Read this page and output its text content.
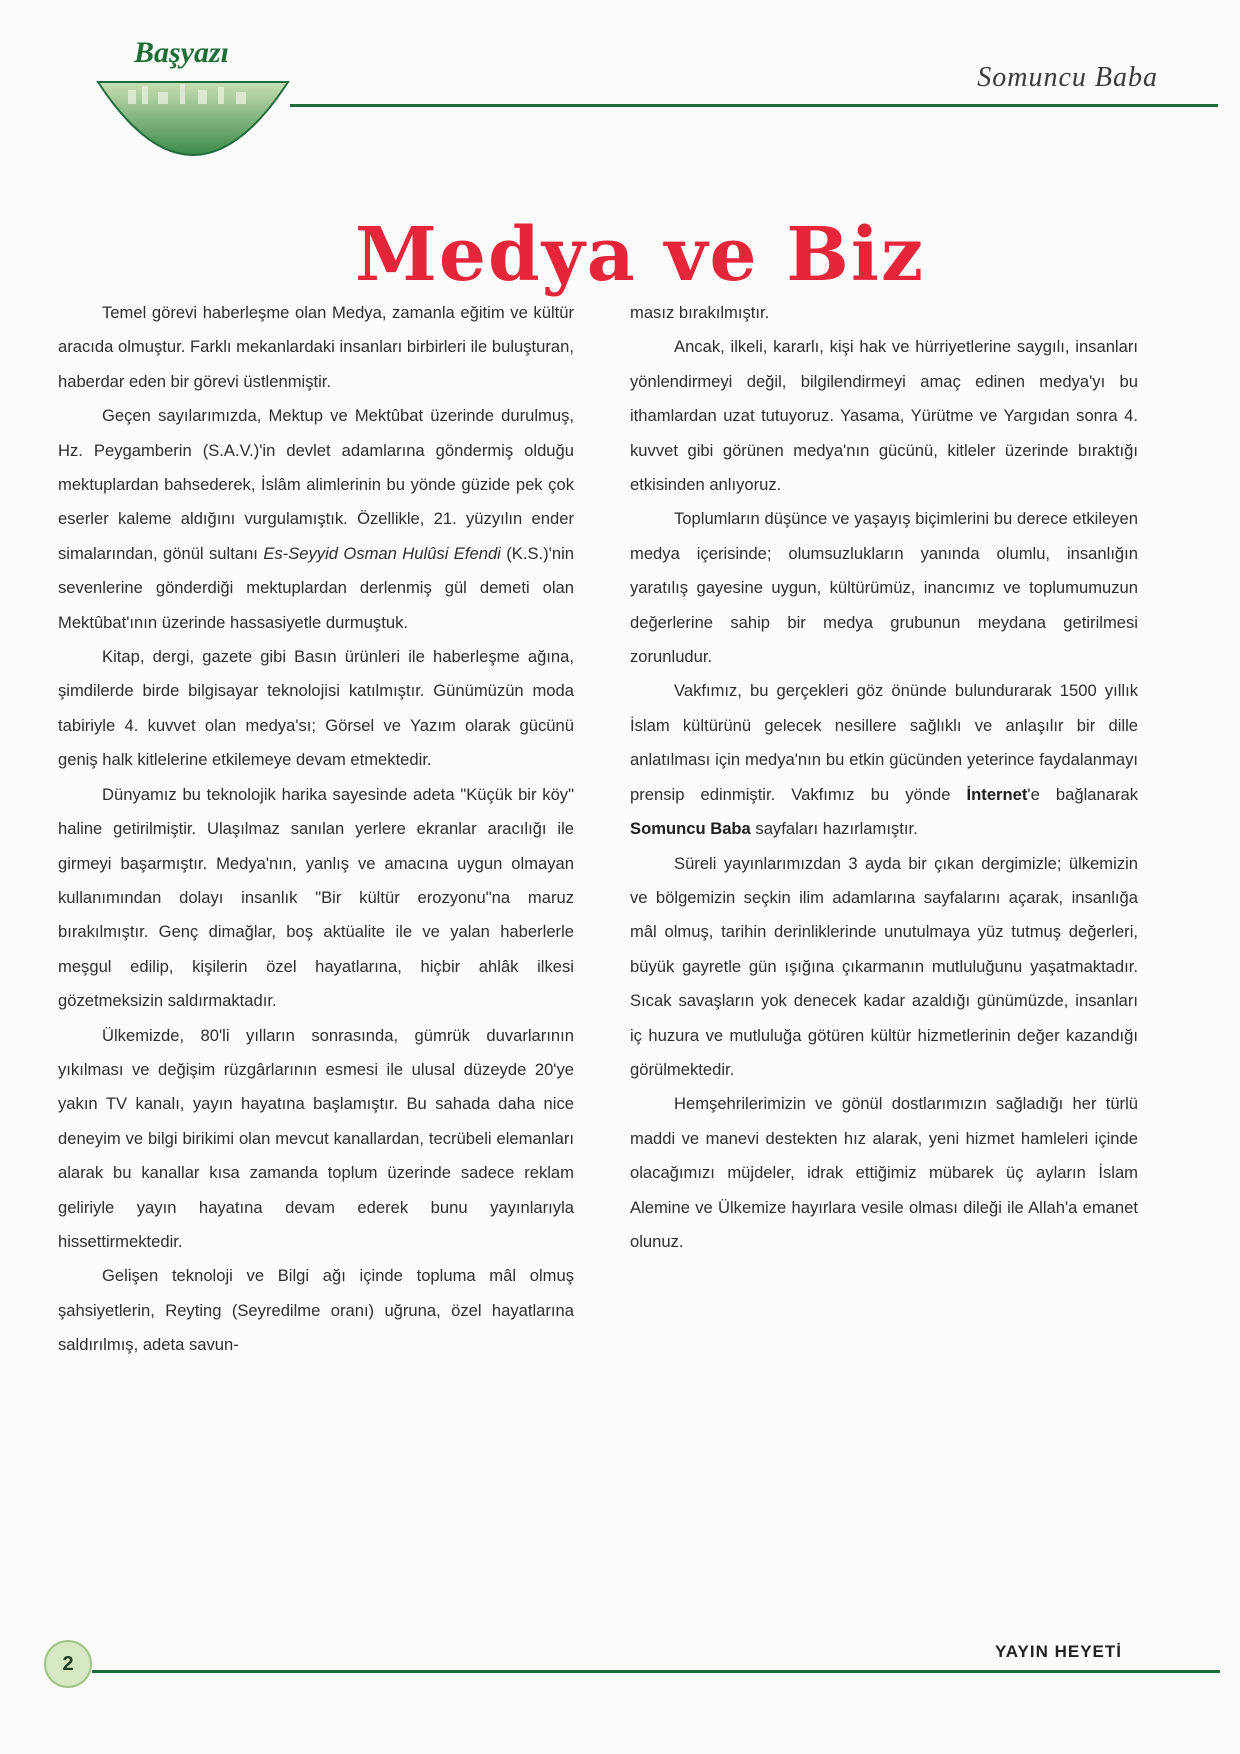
Başyazı
Somuncu Baba
Medya ve Biz

Temel görevi haberleşme olan Medya, zamanla eğitim ve kültür aracıda olmuştur. Farklı mekanlardaki insanları birbirleri ile buluşturan, haberdar eden bir görevi üstlenmiştir.

Geçen sayılarımızda, Mektup ve Mektûbat üzerinde durulmuş, Hz. Peygamberin (S.A.V.)'in devlet adamlarına göndermiş olduğu mektuplardan bahsederek, İslâm alimlerinin bu yönde güzide pek çok eserler kaleme aldığını vurgulamıştık. Özellikle, 21. yüzyılın ender simalarından, gönül sultanı Es-Seyyid Osman Hulûsi Efendi (K.S.)'nin sevenlerine gönderdiği mektuplardan derlenmiş gül demeti olan Mektûbat'ının üzerinde hassasiyetle durmuştuk.

Kitap, dergi, gazete gibi Basın ürünleri ile haberleşme ağına, şimdilerde birde bilgisayar teknolojisi katılmıştır. Günümüzün moda tabiriyle 4. kuvvet olan medya'sı; Görsel ve Yazım olarak gücünü geniş halk kitlelerine etkilemeye devam etmektedir.

Dünyamız bu teknolojik harika sayesinde adeta "Küçük bir köy" haline getirilmiştir. Ulaşılmaz sanılan yerlere ekranlar aracılığı ile girmeyi başarmıştır. Medya'nın, yanlış ve amacına uygun olmayan kullanımından dolayı insanlık "Bir kültür erozyonu"na maruz bırakılmıştır. Genç dimağlar, boş aktüalite ile ve yalan haberlerle meşgul edilip, kişilerin özel hayatlarına, hiçbir ahlâk ilkesi gözetmeksizin saldırmaktadır.

Ülkemizde, 80'li yılların sonrasında, gümrük duvarlarının yıkılması ve değişim rüzgârlarının esmesi ile ulusal düzeyde 20'ye yakın TV kanalı, yayın hayatına başlamıştır. Bu sahada daha nice deneyim ve bilgi birikimi olan mevcut kanallardan, tecrübeli elemanları alarak bu kanallar kısa zamanda toplum üzerinde sadece reklam geliriyle yayın hayatına devam ederek bunu yayınlarıyla hissettirmektedir.

Gelişen teknoloji ve Bilgi ağı içinde topluma mâl olmuş şahsiyetlerin, Reyting (Seyredilme oranı) uğruna, özel hayatlarına saldırılmış, adeta savun-

masız bırakılmıştır.

Ancak, ilkeli, kararlı, kişi hak ve hürriyetlerine saygılı, insanları yönlendirmeyi değil, bilgilendirmeyi amaç edinen medya'yı bu ithamlardan uzat tutuyoruz. Yasama, Yürütme ve Yargıdan sonra 4. kuvvet gibi görünen medya'nın gücünü, kitleler üzerinde bıraktığı etkisinden anlıyoruz.

Toplumların düşünce ve yaşayış biçimlerini bu derece etkileyen medya içerisinde; olumsuzlukların yanında olumlu, insanlığın yaratılış gayesine uygun, kültürümüz, inancımız ve toplumumuzun değerlerine sahip bir medya grubunun meydana getirilmesi zorunludur.

Vakfımız, bu gerçekleri göz önünde bulundurarak 1500 yıllık İslam kültürünü gelecek nesillere sağlıklı ve anlaşılır bir dille anlatılması için medya'nın bu etkin gücünden yeterince faydalanmayı prensip edinmiştir. Vakfımız bu yönde İnternet'e bağlanarak Somuncu Baba sayfaları hazırlamıştır.

Süreli yayınlarımızdan 3 ayda bir çıkan dergimizle; ülkemizin ve bölgemizin seçkin ilim adamlarına sayfalarını açarak, insanlığa mâl olmuş, tarihin derinliklerinde unutulmaya yüz tutmuş değerleri, büyük gayretle gün ışığına çıkarmanın mutluluğunu yaşatmaktadır. Sıcak savaşların yok denecek kadar azaldığı günümüzde, insanları iç huzura ve mutluluğa götüren kültür hizmetlerinin değer kazandığı görülmektedir.

Hemşehrilerimizin ve gönül dostlarımızın sağladığı her türlü maddi ve manevi destekten hız alarak, yeni hizmet hamleleri içinde olacağımızı müjdeler, idrak ettiğimiz mübarek üç ayların İslam Alemine ve Ülkemize hayırlara vesile olması dileği ile Allah'a emanet olunuz.

YAYIN HEYETİ
2
